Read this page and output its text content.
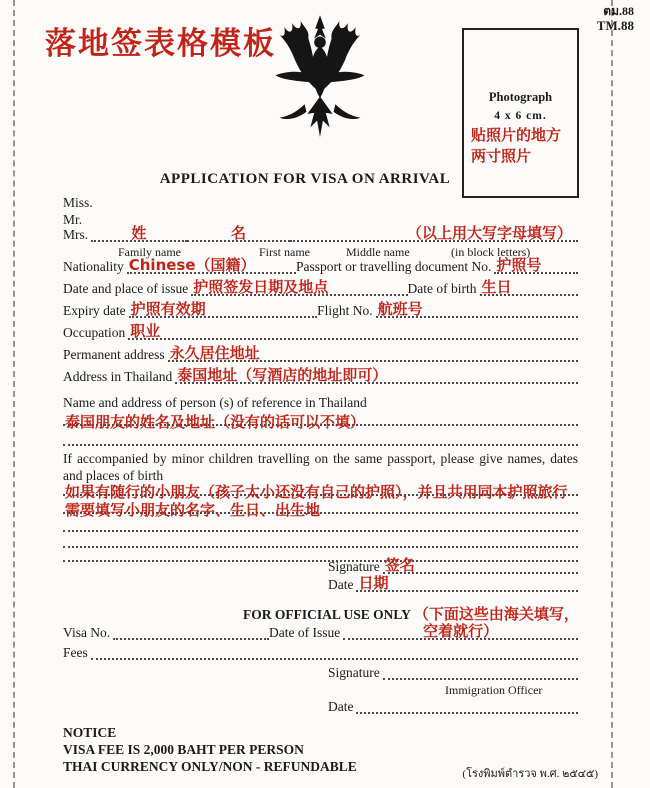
ตม.88
TM.88
落地签表格模板
Photograph
4 x 6 cm.
贴照片的地方
两寸照片
APPLICATION FOR VISA ON ARRIVAL
Miss.
Mr.
Mrs.	姓	名	（以上用大写字母填写）
Family name	First name	Middle name	(in block letters)
Nationality Chinese（国籍）	Passport or travelling document No. 护照号
Date and place of issue 护照签发日期及地点	Date of birth 生日
Expiry date 护照有效期	Flight No. 航班号
Occupation 职业
Permanent address 永久居住地址
Address in Thailand 泰国地址（写酒店的地址即可）
Name and address of person (s) of reference in Thailand
泰国朋友的姓名及地址（没有的话可以不填）
If accompanied by minor children travelling on the same passport, please give names, dates and places of birth
如果有随行的小朋友（孩子太小还没有自己的护照），并且共用同本护照旅行
需要填写小朋友的名字、生日、出生地
Signature 签名
Date 日期
FOR OFFICIAL USE ONLY （下面这些由海关填写，
Visa No.	Date of Issue	空着就行）
Fees
Signature
Immigration Officer
Date
NOTICE
VISA FEE IS 2,000 BAHT PER PERSON
THAI CURRENCY ONLY/NON - REFUNDABLE
(โรงพิมพ์ตำรวจ พ.ศ. ๒๕๔๕)
